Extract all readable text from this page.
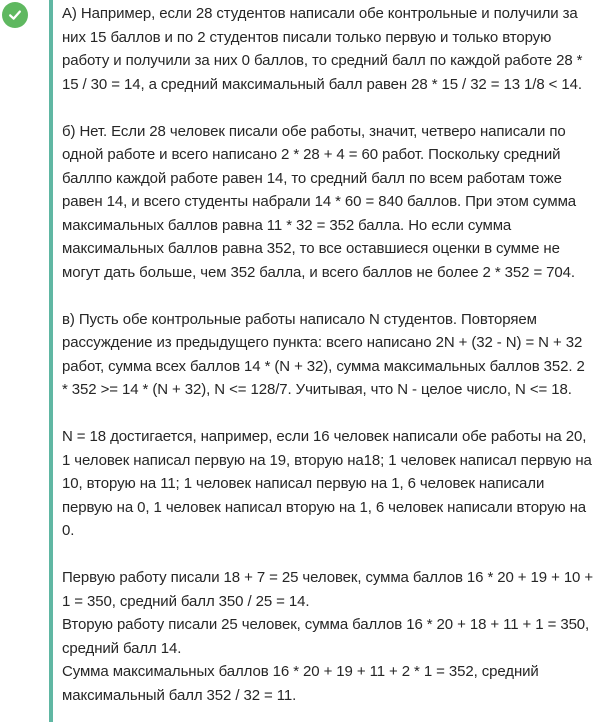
А) Например, если 28 студентов написали обе контрольные и получили за них 15 баллов и по 2 студентов писали только первую и только вторую работу и получили за них 0 баллов, то средний балл по каждой работе 28 * 15 / 30 = 14, а средний максимальный балл равен 28 * 15 / 32 = 13 1/8 < 14.

б) Нет. Если 28 человек писали обе работы, значит, четверо написали по одной работе и всего написано 2 * 28 + 4 = 60 работ. Поскольку средний баллпо каждой работе равен 14, то средний балл по всем работам тоже равен 14, и всего студенты набрали 14 * 60 = 840 баллов. При этом сумма максимальных баллов равна 11 * 32 = 352 балла. Но если сумма максимальных баллов равна 352, то все оставшиеся оценки в сумме не могут дать больше, чем 352 балла, и всего баллов не более 2 * 352 = 704.

в) Пусть обе контрольные работы написало N студентов. Повторяем рассуждение из предыдущего пункта: всего написано 2N + (32 - N) = N + 32 работ, сумма всех баллов 14 * (N + 32), сумма максимальных баллов 352. 2 * 352 >= 14 * (N + 32), N <= 128/7. Учитывая, что N - целое число, N <= 18.

N = 18 достигается, например, если 16 человек написали обе работы на 20, 1 человек написал первую на 19, вторую на18; 1 человек написал первую на 10, вторую на 11; 1 человек написал первую на 1, 6 человек написали первую на 0, 1 человек написал вторую на 1, 6 человек написали вторую на 0.

Первую работу писали 18 + 7 = 25 человек, сумма баллов 16 * 20 + 19 + 10 + 1 = 350, средний балл 350 / 25 = 14.

Вторую работу писали 25 человек, сумма баллов 16 * 20 + 18 + 11 + 1 = 350, средний балл 14.

Сумма максимальных баллов 16 * 20 + 19 + 11 + 2 * 1 = 352, средний максимальный балл 352 / 32 = 11.
